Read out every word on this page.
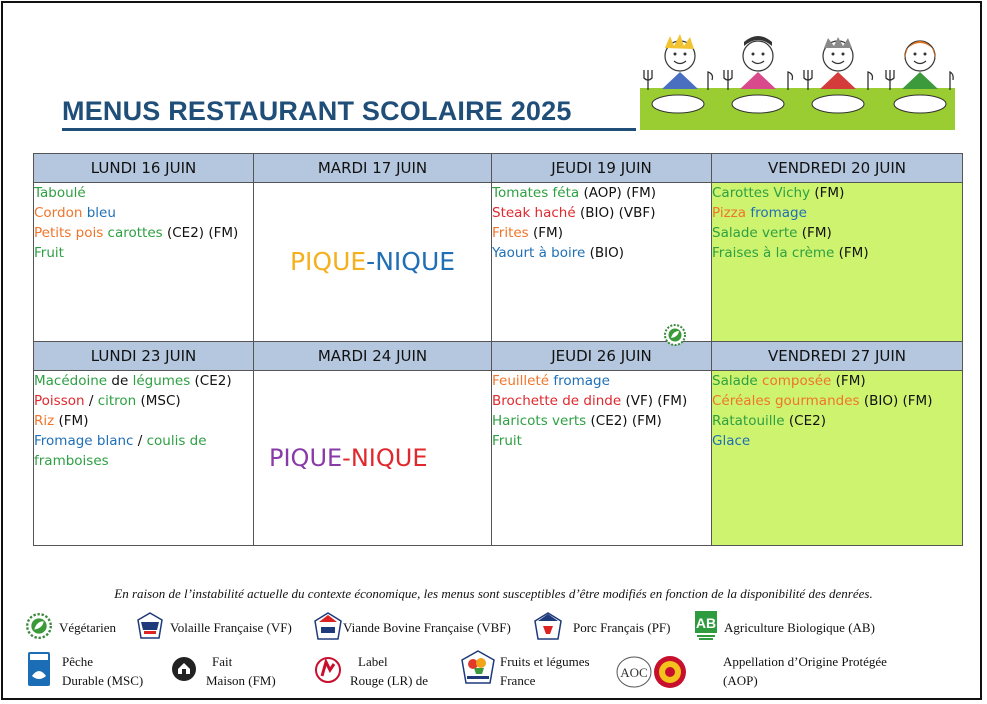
MENUS RESTAURANT SCOLAIRE 2025
LUNDI 16 JUIN	MARDI 17 JUIN	JEUDI 19 JUIN	VENDREDI 20 JUIN

Taboulé
Cordon bleu
Petits pois carottes (CE2) (FM)
Fruit	PIQUE - NIQUE	Tomates féta (AOP) (FM)
Steak haché (BIO) (VBF)
Frites (FM)
Yaourt à boire (BIO)	Carottes Vichy (FM)
Pizza fromage
Salade verte (FM)
Fraises à la crème (FM)

LUNDI 23 JUIN	MARDI 24 JUIN	JEUDI 26 JUIN	VENDREDI 27 JUIN

Macédoine de légumes (CE2)
Poisson / citron (MSC)
Riz (FM)
Fromage blanc / coulis de
framboises	PIQUE - NIQUE	Feuilleté fromage
Brochette de dinde (VF) (FM)
Haricots verts (CE2) (FM)
Fruit	Salade composée (FM)
Céréales gourmandes (BIO) (FM)
Ratatouille (CE2)
Glace
En raison de l’instabilité actuelle du contexte économique, les menus sont susceptibles d’être modifiés en fonction de la disponibilité des denrées.
Végétarien	Volaille Française (VF)	Viande Bovine Française (VBF)	Porc Français (PF) AB Agriculture Biologique (AB)
Pêche
Durable (MSC)
Fait
Maison (FM)
Label
Rouge (LR) de
Fruits et légumes
France
AOC
Appellation d’Origine Protégée
(AOP)
